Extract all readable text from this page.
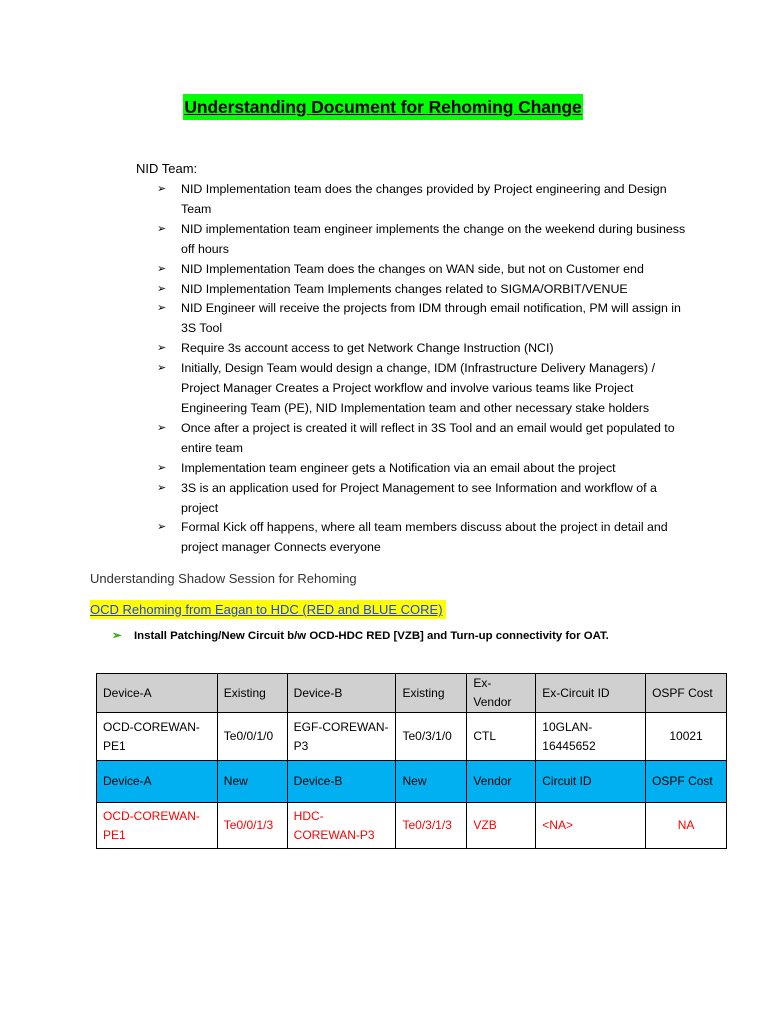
Understanding Document for Rehoming Change
NID Team:
➢ NID Implementation team does the changes provided by Project engineering and Design Team
➢ NID implementation team engineer implements the change on the weekend during business off hours
➢ NID Implementation Team does the changes on WAN side, but not on Customer end
➢ NID Implementation Team Implements changes related to SIGMA/ORBIT/VENUE
➢ NID Engineer will receive the projects from IDM through email notification, PM will assign in 3S Tool
➢ Require 3s account access to get Network Change Instruction (NCI)
➢ Initially, Design Team would design a change, IDM (Infrastructure Delivery Managers) / Project Manager Creates a Project workflow and involve various teams like Project Engineering Team (PE), NID Implementation team and other necessary stake holders
➢ Once after a project is created it will reflect in 3S Tool and an email would get populated to entire team
➢ Implementation team engineer gets a Notification via an email about the project
➢ 3S is an application used for Project Management to see Information and workflow of a project
➢ Formal Kick off happens, where all team members discuss about the project in detail and project manager Connects everyone
Understanding Shadow Session for Rehoming
OCD Rehoming from Eagan to HDC (RED and BLUE CORE)
➢ Install Patching/New Circuit b/w OCD-HDC RED [VZB] and Turn-up connectivity for OAT.
Device-A	Existing	Device-B	Existing	Ex-Vendor	Ex-Circuit ID	OSPF Cost
OCD-COREWAN-PE1	Te0/0/1/0	EGF-COREWAN-P3	Te0/3/1/0	CTL	10GLAN-16445652	10021
Device-A	New	Device-B	New	Vendor	Circuit ID	OSPF Cost
OCD-COREWAN-PE1	Te0/0/1/3	HDC-COREWAN-P3	Te0/3/1/3	VZB	<NA>	NA
